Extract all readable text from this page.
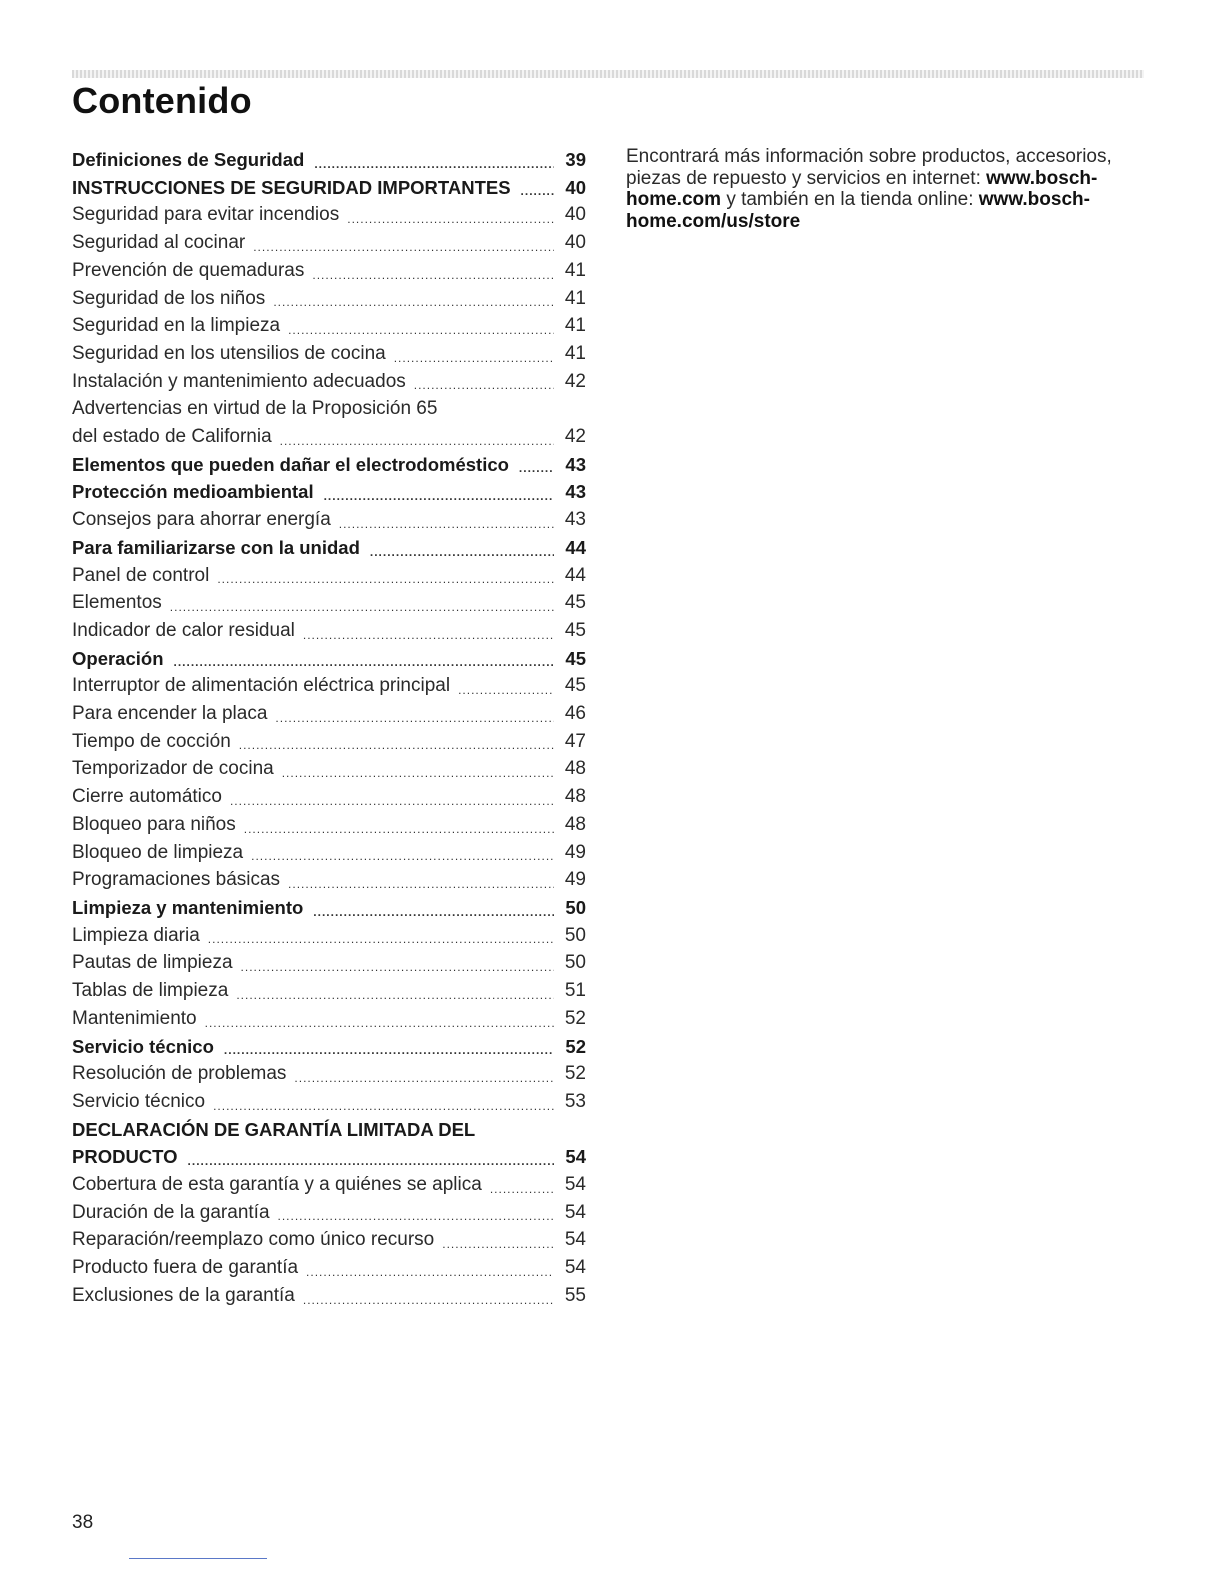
Contenido
Definiciones de Seguridad .....	39
INSTRUCCIONES DE SEGURIDAD IMPORTANTES .....	40
Seguridad para evitar incendios .....	40
Seguridad al cocinar .....	40
Prevención de quemaduras .....	41
Seguridad de los niños .....	41
Seguridad en la limpieza .....	41
Seguridad en los utensilios de cocina .....	41
Instalación y mantenimiento adecuados .....	42
Advertencias en virtud de la Proposición 65
del estado de California .....	42
Elementos que pueden dañar el electrodoméstico .....	43
Protección medioambiental .....	43
Consejos para ahorrar energía .....	43
Para familiarizarse con la unidad .....	44
Panel de control .....	44
Elementos .....	45
Indicador de calor residual .....	45
Operación .....	45
Interruptor de alimentación eléctrica principal .....	45
Para encender la placa .....	46
Tiempo de cocción .....	47
Temporizador de cocina .....	48
Cierre automático .....	48
Bloqueo para niños .....	48
Bloqueo de limpieza .....	49
Programaciones básicas .....	49
Limpieza y mantenimiento .....	50
Limpieza diaria .....	50
Pautas de limpieza .....	50
Tablas de limpieza .....	51
Mantenimiento .....	52
Servicio técnico .....	52
Resolución de problemas .....	52
Servicio técnico .....	53
DECLARACIÓN DE GARANTÍA LIMITADA DEL
PRODUCTO .....	54
Cobertura de esta garantía y a quiénes se aplica .....	54
Duración de la garantía .....	54
Reparación/reemplazo como único recurso .....	54
Producto fuera de garantía .....	54
Exclusiones de la garantía .....	55
Encontrará más información sobre productos, accesorios, piezas de repuesto y servicios en internet: www.bosch-home.com y también en la tienda online: www.bosch-home.com/us/store
38
